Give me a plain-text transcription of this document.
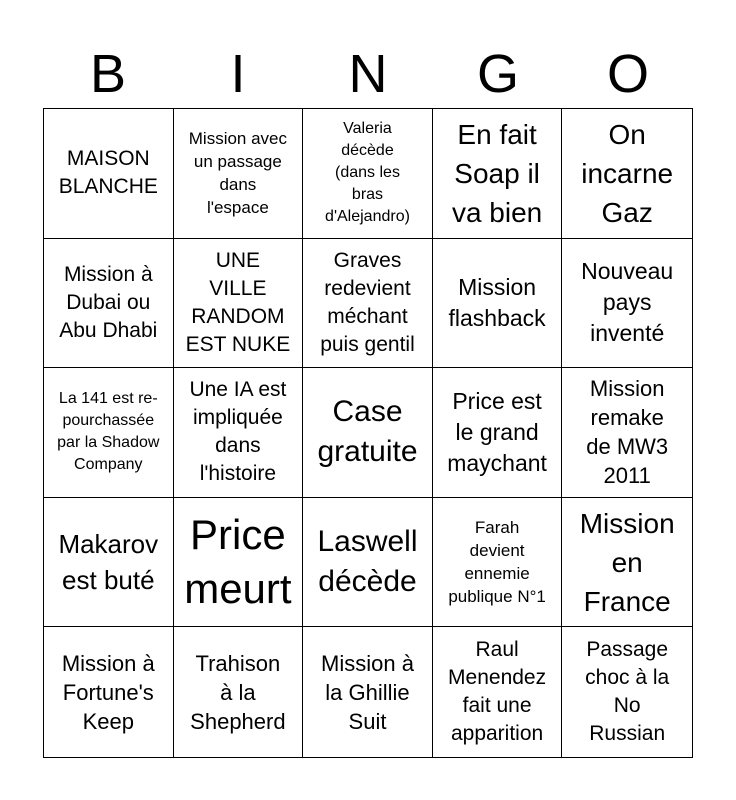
B	I	N	G	O
MAISON
BLANCHE
Mission avec
un passage
dans
l'espace
Valeria
décède
(dans les
bras
d'Alejandro)
En fait
Soap il
va bien
On
incarne
Gaz
Mission à
Dubai ou
Abu Dhabi
UNE
VILLE
RANDOM
EST NUKE
Graves
redevient
méchant
puis gentil
Mission
flashback
Nouveau
pays
inventé
La 141 est re-
pourchassée
par la Shadow
Company
Une IA est
impliquée
dans
l'histoire
Case
gratuite
Price est
le grand
maychant
Mission
remake
de MW3
2011
Makarov
est buté
Price
meurt
Laswell
décède
Farah
devient
ennemie
publique N°1
Mission
en
France
Mission à
Fortune's
Keep
Trahison
à la
Shepherd
Mission à
la Ghillie
Suit
Raul
Menendez
fait une
apparition
Passage
choc à la
No
Russian
